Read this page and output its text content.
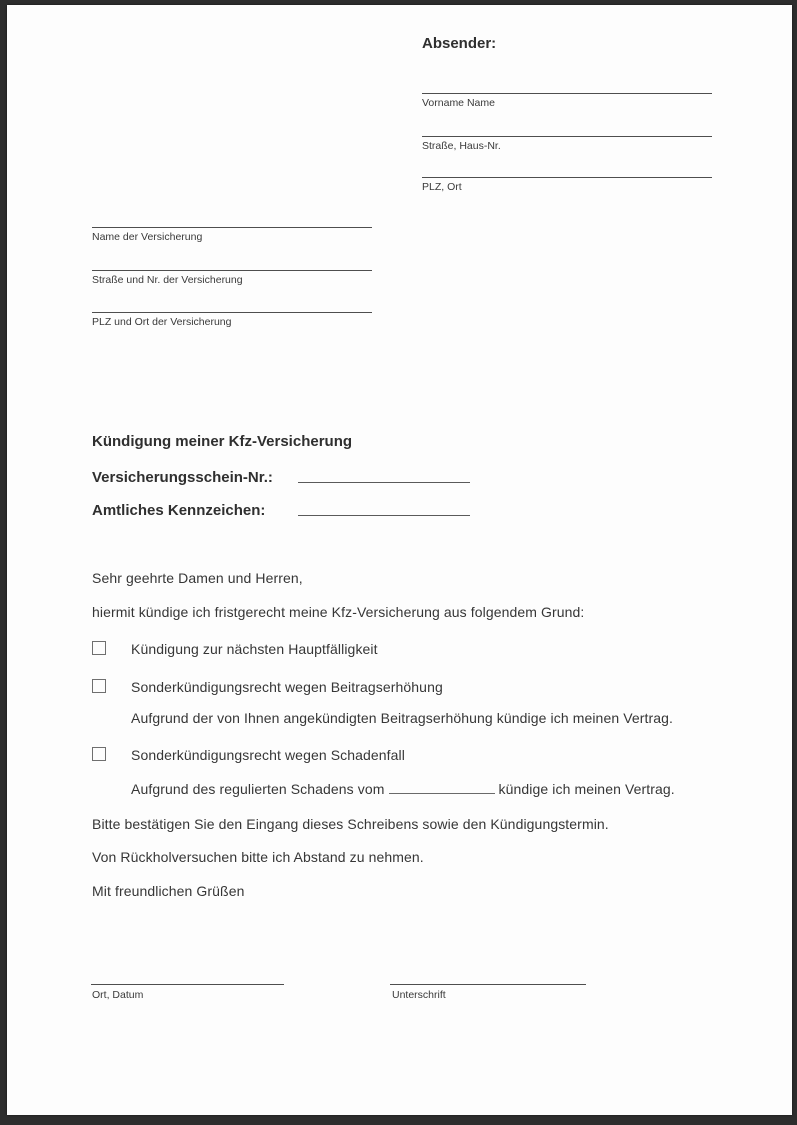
Absender:
Vorname Name
Straße, Haus-Nr.
PLZ, Ort
Name der Versicherung
Straße und Nr. der Versicherung
PLZ und Ort der Versicherung
Kündigung meiner Kfz-Versicherung
Versicherungsschein-Nr.:
Amtliches Kennzeichen:
Sehr geehrte Damen und Herren,
hiermit kündige ich fristgerecht meine Kfz-Versicherung aus folgendem Grund:
Kündigung zur nächsten Hauptfälligkeit
Sonderkündigungsrecht wegen Beitragserhöhung
Aufgrund der von Ihnen angekündigten Beitragserhöhung kündige ich meinen Vertrag.
Sonderkündigungsrecht wegen Schadenfall
Aufgrund des regulierten Schadens vom	kündige ich meinen Vertrag.
Bitte bestätigen Sie den Eingang dieses Schreibens sowie den Kündigungstermin.
Von Rückholversuchen bitte ich Abstand zu nehmen.
Mit freundlichen Grüßen
Ort, Datum	Unterschrift
